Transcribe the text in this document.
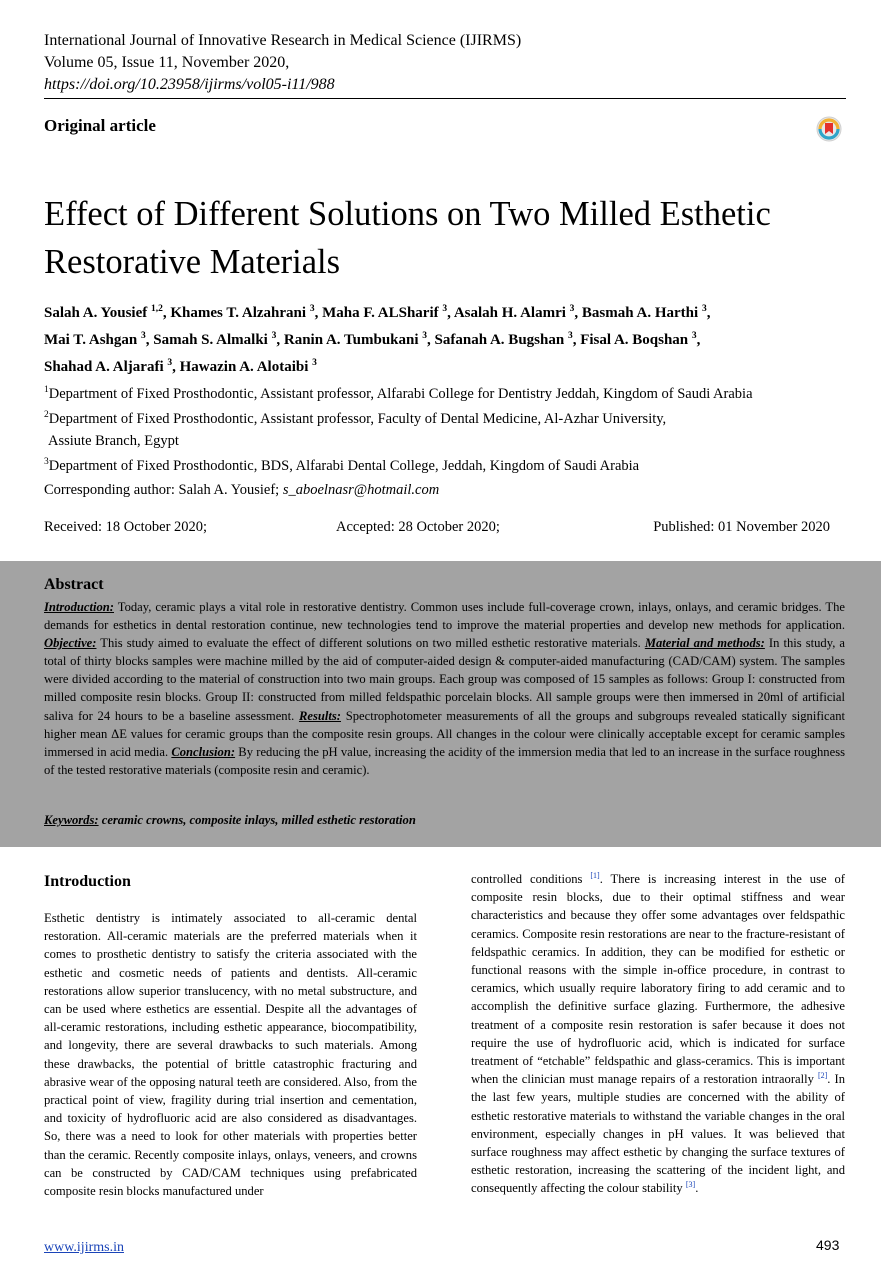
International Journal of Innovative Research in Medical Science (IJIRMS)
Volume 05, Issue 11, November 2020,
https://doi.org/10.23958/ijirms/vol05-i11/988
Original article
Effect of Different Solutions on Two Milled Esthetic Restorative Materials
Salah A. Yousief $^{1,2}$, Khames T. Alzahrani $^3$, Maha F. ALSharif $^3$, Asalah H. Alamri $^3$, Basmah A. Harthi $^3$,
Mai T. Ashgan $^3$, Samah S. Almalki $^3$, Ranin A. Tumbukani $^3$, Safanah A. Bugshan $^3$, Fisal A. Boqshan $^3$,
Shahad A. Aljarafi $^3$, Hawazin A. Alotaibi $^3$
$^1$Department of Fixed Prosthodontic, Assistant professor, Alfarabi College for Dentistry Jeddah, Kingdom of Saudi Arabia
$^2$Department of Fixed Prosthodontic, Assistant professor, Faculty of Dental Medicine, Al-Azhar University,
Assiute Branch, Egypt
$^3$Department of Fixed Prosthodontic, BDS, Alfarabi Dental College, Jeddah, Kingdom of Saudi Arabia
Corresponding author: Salah A. Yousief; s_aboelnasr@hotmail.com
Received: 18 October 2020;	Accepted: 28 October 2020;	Published: 01 November 2020
Abstract
Introduction: Today, ceramic plays a vital role in restorative dentistry. Common uses include full-coverage crown, inlays, onlays, and ceramic bridges. The demands for esthetics in dental restoration continue, new technologies tend to improve the material properties and develop new methods for application. Objective: This study aimed to evaluate the effect of different solutions on two milled esthetic restorative materials. Material and methods: In this study, a total of thirty blocks samples were machine milled by the aid of computer-aided design & computer-aided manufacturing (CAD/CAM) system. The samples were divided according to the material of construction into two main groups. Each group was composed of 15 samples as follows: Group I: constructed from milled composite resin blocks. Group II: constructed from milled feldspathic porcelain blocks. All sample groups were then immersed in 20ml of artificial saliva for 24 hours to be a baseline assessment. Results: Spectrophotometer measurements of all the groups and subgroups revealed statically significant higher mean ΔE values for ceramic groups than the composite resin groups. All changes in the colour were clinically acceptable except for ceramic samples immersed in acid media. Conclusion: By reducing the pH value, increasing the acidity of the immersion media that led to an increase in the surface roughness of the tested restorative materials (composite resin and ceramic).
Keywords: ceramic crowns, composite inlays, milled esthetic restoration
Introduction
Esthetic dentistry is intimately associated to all-ceramic dental restoration. All-ceramic materials are the preferred materials when it comes to prosthetic dentistry to satisfy the criteria associated with the esthetic and cosmetic needs of patients and dentists. All-ceramic restorations allow superior translucency, with no metal substructure, and can be used where esthetics are essential. Despite all the advantages of all-ceramic restorations, including esthetic appearance, biocompatibility, and longevity, there are several drawbacks to such materials. Among these drawbacks, the potential of brittle catastrophic fracturing and abrasive wear of the opposing natural teeth are considered. Also, from the practical point of view, fragility during trial insertion and cementation, and toxicity of hydrofluoric acid are also considered as disadvantages. So, there was a need to look for other materials with properties better than the ceramic. Recently composite inlays, onlays, veneers, and crowns can be constructed by CAD/CAM techniques using prefabricated composite resin blocks manufactured under
controlled conditions [1]. There is increasing interest in the use of composite resin blocks, due to their optimal stiffness and wear characteristics and because they offer some advantages over feldspathic ceramics. Composite resin restorations are near to the fracture-resistant of feldspathic ceramics. In addition, they can be modified for esthetic or functional reasons with the simple in-office procedure, in contrast to ceramics, which usually require laboratory firing to add ceramic and to accomplish the definitive surface glazing. Furthermore, the adhesive treatment of a composite resin restoration is safer because it does not require the use of hydrofluoric acid, which is indicated for surface treatment of “etchable” feldspathic and glass-ceramics. This is important when the clinician must manage repairs of a restoration intraorally [2]. In the last few years, multiple studies are concerned with the ability of esthetic restorative materials to withstand the variable changes in the oral environment, especially changes in pH values. It was believed that surface roughness may affect esthetic by changing the surface textures of esthetic restoration, increasing the scattering of the incident light, and consequently affecting the colour stability [3].
www.ijirms.in	493
